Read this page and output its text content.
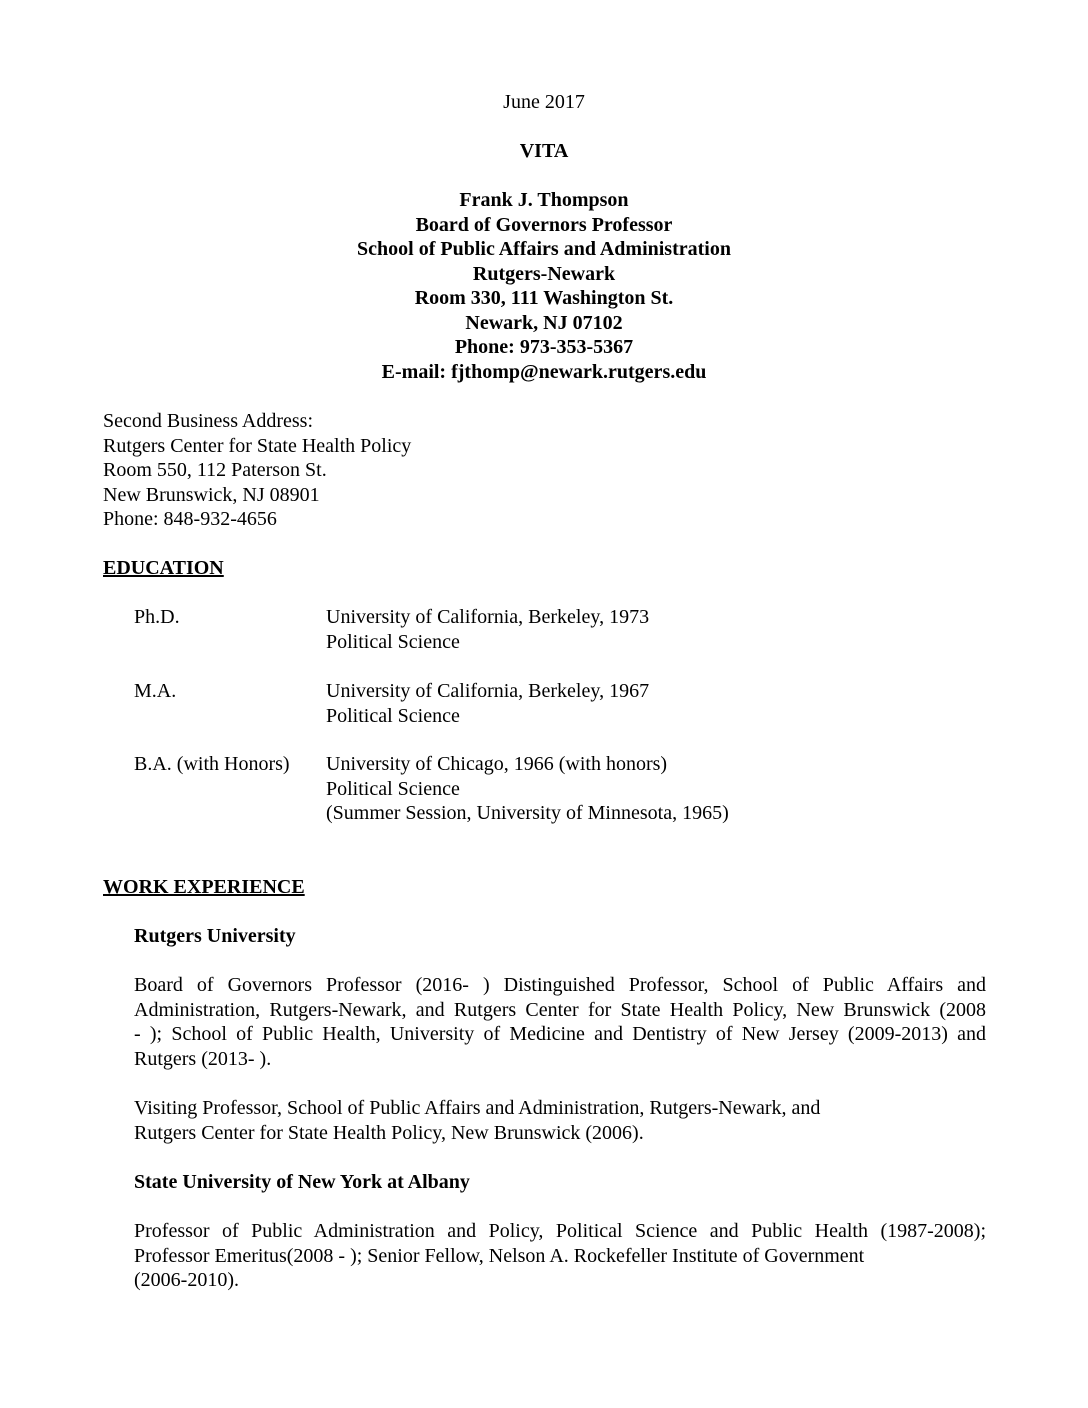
June 2017
VITA
Frank J. Thompson
Board of Governors Professor
School of Public Affairs and Administration
Rutgers-Newark
Room 330, 111 Washington St.
Newark, NJ 07102
Phone: 973-353-5367
E-mail: fjthomp@newark.rutgers.edu
Second Business Address:
Rutgers Center for State Health Policy
Room 550, 112 Paterson St.
New Brunswick, NJ 08901
Phone: 848-932-4656
EDUCATION
Ph.D.	University of California, Berkeley, 1973
Political Science
M.A.	University of California, Berkeley, 1967
Political Science
B.A. (with Honors) University of Chicago, 1966 (with honors)
Political Science
(Summer Session, University of Minnesota, 1965)
WORK EXPERIENCE
Rutgers University
Board of Governors Professor (2016- ) Distinguished Professor, School of Public Affairs and
Administration, Rutgers-Newark, and Rutgers Center for State Health Policy, New Brunswick (2008
- ); School of Public Health, University of Medicine and Dentistry of New Jersey (2009-2013) and
Rutgers (2013- ).
Visiting Professor, School of Public Affairs and Administration, Rutgers-Newark, and
Rutgers Center for State Health Policy, New Brunswick (2006).
State University of New York at Albany
Professor of Public Administration and Policy, Political Science and Public Health (1987-2008);
Professor Emeritus(2008 - ); Senior Fellow, Nelson A. Rockefeller Institute of Government
(2006-2010).
